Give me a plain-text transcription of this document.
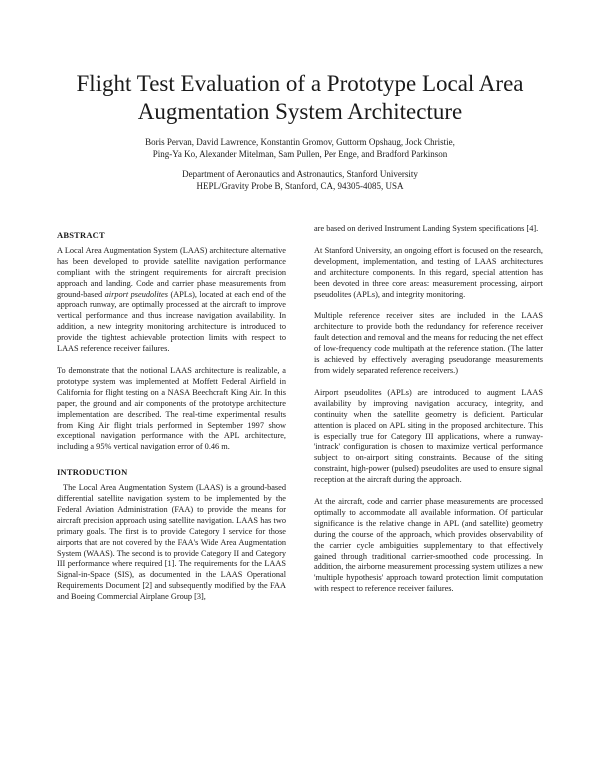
Flight Test Evaluation of a Prototype Local Area
Augmentation System Architecture
Boris Pervan, David Lawrence, Konstantin Gromov, Guttorm Opshaug, Jock Christie,
Ping-Ya Ko, Alexander Mitelman, Sam Pullen, Per Enge, and Bradford Parkinson
Department of Aeronautics and Astronautics, Stanford University
HEPL/Gravity Probe B, Stanford, CA, 94305-4085, USA
ABSTRACT

A Local Area Augmentation System (LAAS) architecture alternative has been developed to provide satellite navigation performance compliant with the stringent requirements for aircraft precision approach and landing. Code and carrier phase measurements from ground-based airport pseudolites (APLs), located at each end of the approach runway, are optimally processed at the aircraft to improve vertical performance and thus increase navigation availability. In addition, a new integrity monitoring architecture is introduced to provide the tightest achievable protection limits with respect to LAAS reference receiver failures.

To demonstrate that the notional LAAS architecture is realizable, a prototype system was implemented at Moffett Federal Airfield in California for flight testing on a NASA Beechcraft King Air. In this paper, the ground and air components of the prototype architecture implementation are described. The real-time experimental results from King Air flight trials performed in September 1997 show exceptional navigation performance with the APL architecture, including a 95% vertical navigation error of 0.46 m.

INTRODUCTION

The Local Area Augmentation System (LAAS) is a ground-based differential satellite navigation system to be implemented by the Federal Aviation Administration (FAA) to provide the means for aircraft precision approach using satellite navigation. LAAS has two primary goals. The first is to provide Category I service for those airports that are not covered by the FAA's Wide Area Augmentation System (WAAS). The second is to provide Category II and Category III performance where required [1]. The requirements for the LAAS Signal-in-Space (SIS), as documented in the LAAS Operational Requirements Document [2] and subsequently modified by the FAA and Boeing Commercial Airplane Group [3],

are based on derived Instrument Landing System specifications [4].

At Stanford University, an ongoing effort is focused on the research, development, implementation, and testing of LAAS architectures and architecture components. In this regard, special attention has been devoted in three core areas: measurement processing, airport pseudolites (APLs), and integrity monitoring.

Multiple reference receiver sites are included in the LAAS architecture to provide both the redundancy for reference receiver fault detection and removal and the means for reducing the net effect of low-frequency code multipath at the reference station. (The latter is achieved by effectively averaging pseudorange measurements from widely separated reference receivers.)

Airport pseudolites (APLs) are introduced to augment LAAS availability by improving navigation accuracy, integrity, and continuity when the satellite geometry is deficient. Particular attention is placed on APL siting in the proposed architecture. This is especially true for Category III applications, where a runway-'intrack' configuration is chosen to maximize vertical performance subject to on-airport siting constraints. Because of the siting constraint, high-power (pulsed) pseudolites are used to ensure signal reception at the aircraft during the approach.

At the aircraft, code and carrier phase measurements are processed optimally to accommodate all available information. Of particular significance is the relative change in APL (and satellite) geometry during the course of the approach, which provides observability of the carrier cycle ambiguities supplementary to that effectively gained through traditional carrier-smoothed code processing. In addition, the airborne measurement processing system utilizes a new 'multiple hypothesis' approach toward protection limit computation with respect to reference receiver failures.
